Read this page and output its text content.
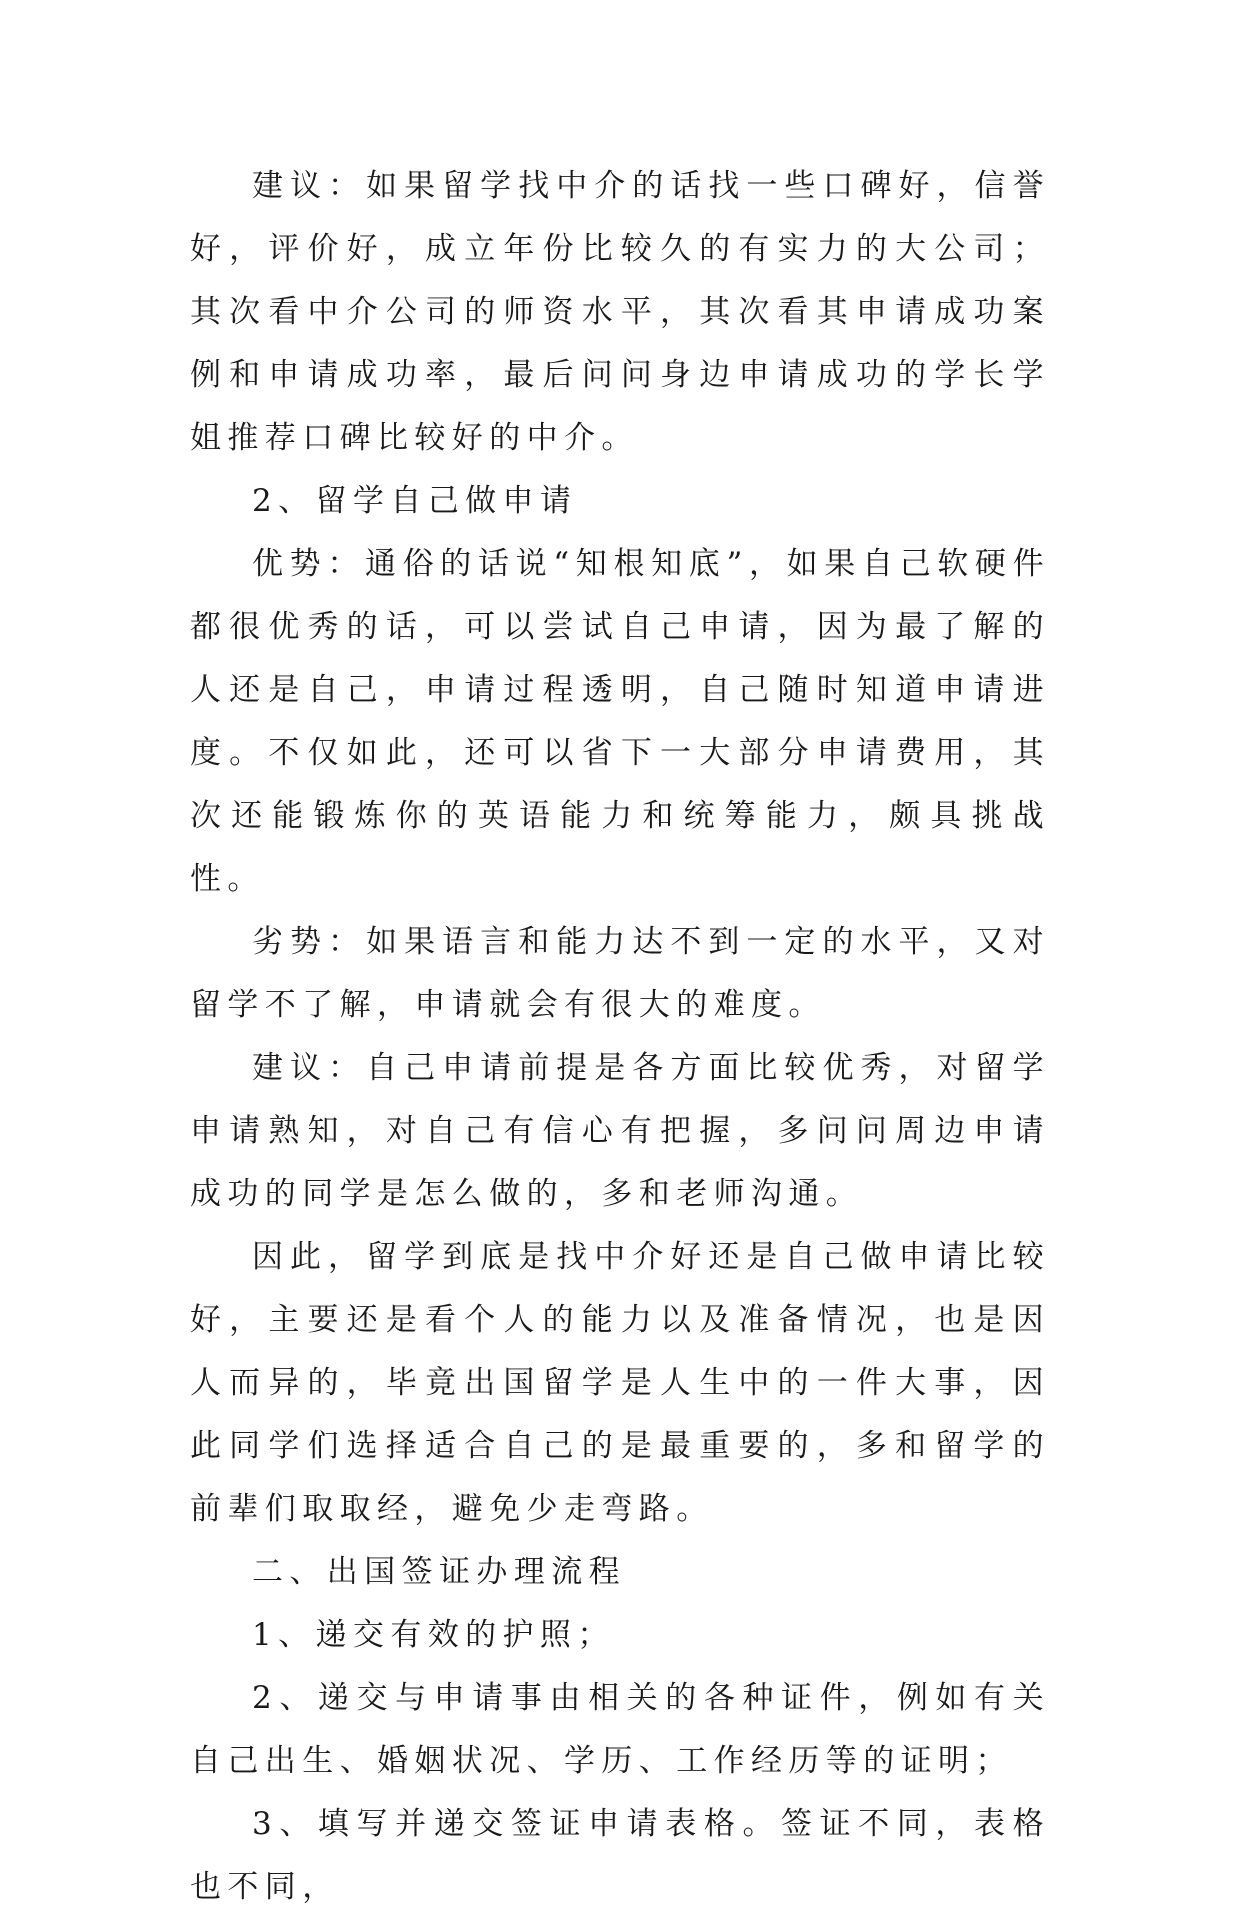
建议：如果留学找中介的话找一些口碑好，信誉好，评价好，成立年份比较久的有实力的大公司；其次看中介公司的师资水平，其次看其申请成功案例和申请成功率，最后问问身边申请成功的学长学姐推荐口碑比较好的中介。

2、留学自己做申请

优势：通俗的话说“知根知底”，如果自己软硬件都很优秀的话，可以尝试自己申请，因为最了解的人还是自己，申请过程透明，自己随时知道申请进度。不仅如此，还可以省下一大部分申请费用，其次还能锻炼你的英语能力和统筹能力，颇具挑战性。

劣势：如果语言和能力达不到一定的水平，又对留学不了解，申请就会有很大的难度。

建议：自己申请前提是各方面比较优秀，对留学申请熟知，对自己有信心有把握，多问问周边申请成功的同学是怎么做的，多和老师沟通。

因此，留学到底是找中介好还是自己做申请比较好，主要还是看个人的能力以及准备情况，也是因人而异的，毕竟出国留学是人生中的一件大事，因此同学们选择适合自己的是最重要的，多和留学的前辈们取取经，避免少走弯路。

二、出国签证办理流程

1、递交有效的护照；

2、递交与申请事由相关的各种证件，例如有关自己出生、婚姻状况、学历、工作经历等的证明；

3、填写并递交签证申请表格。签证不同，表格也不同，
